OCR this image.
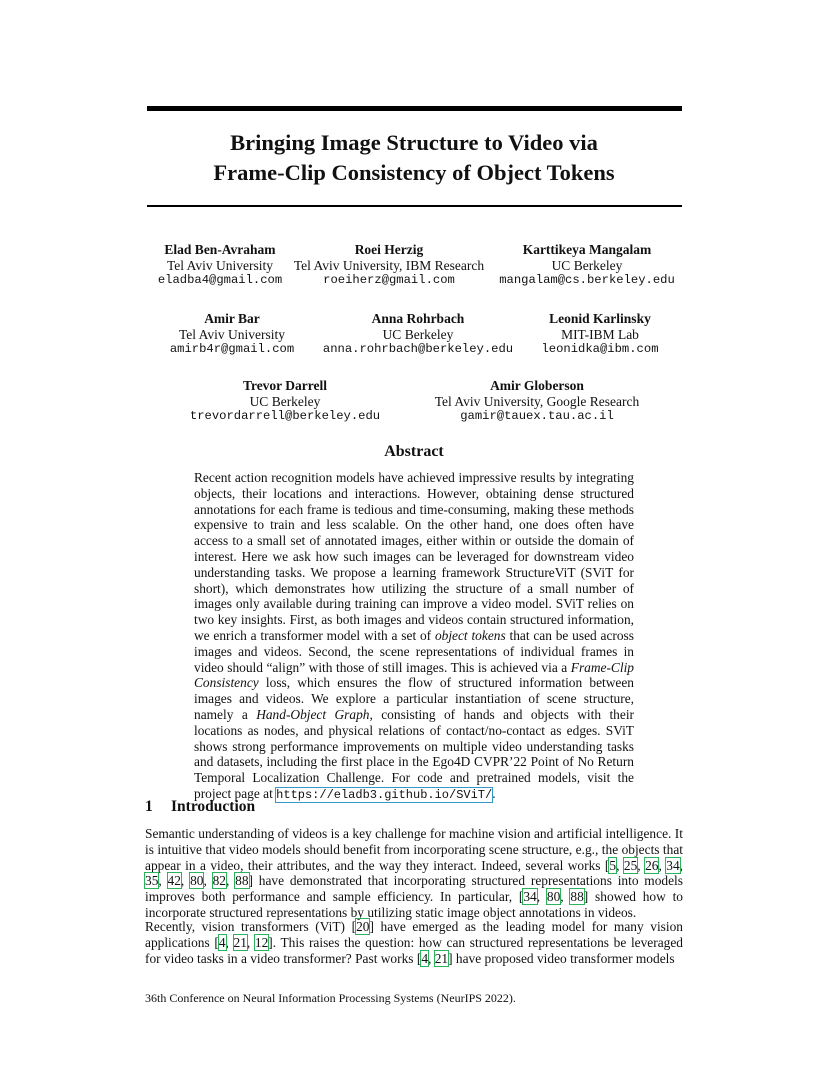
Bringing Image Structure to Video via
Frame-Clip Consistency of Object Tokens
Elad Ben-Avraham
Tel Aviv University
eladba4@gmail.com
Roei Herzig
Tel Aviv University, IBM Research
roeiherz@gmail.com
Karttikeya Mangalam
UC Berkeley
mangalam@cs.berkeley.edu
Amir Bar
Tel Aviv University
amirb4r@gmail.com
Anna Rohrbach
UC Berkeley
anna.rohrbach@berkeley.edu
Leonid Karlinsky
MIT-IBM Lab
leonidka@ibm.com
Trevor Darrell
UC Berkeley
trevordarrell@berkeley.edu
Amir Globerson
Tel Aviv University, Google Research
gamir@tauex.tau.ac.il
Abstract
Recent action recognition models have achieved impressive results by integrating objects, their locations and interactions. However, obtaining dense structured annotations for each frame is tedious and time-consuming, making these methods expensive to train and less scalable. On the other hand, one does often have access to a small set of annotated images, either within or outside the domain of interest. Here we ask how such images can be leveraged for downstream video understanding tasks. We propose a learning framework StructureViT (SViT for short), which demonstrates how utilizing the structure of a small number of images only available during training can improve a video model. SViT relies on two key insights. First, as both images and videos contain structured information, we enrich a transformer model with a set of object tokens that can be used across images and videos. Second, the scene representations of individual frames in video should “align” with those of still images. This is achieved via a Frame-Clip Consistency loss, which ensures the flow of structured information between images and videos. We explore a particular instantiation of scene structure, namely a Hand-Object Graph, consisting of hands and objects with their locations as nodes, and physical relations of contact/no-contact as edges. SViT shows strong performance improvements on multiple video understanding tasks and datasets, including the first place in the Ego4D CVPR’22 Point of No Return Temporal Localization Challenge. For code and pretrained models, visit the project page at https://eladb3.github.io/SViT/.
1 Introduction
Semantic understanding of videos is a key challenge for machine vision and artificial intelligence. It is intuitive that video models should benefit from incorporating scene structure, e.g., the objects that appear in a video, their attributes, and the way they interact. Indeed, several works [5, 25, 26, 34, 35, 42, 80, 82, 88] have demonstrated that incorporating structured representations into models improves both performance and sample efficiency. In particular, [34, 80, 88] showed how to incorporate structured representations by utilizing static image object annotations in videos.
Recently, vision transformers (ViT) [20] have emerged as the leading model for many vision applications [4, 21, 12]. This raises the question: how can structured representations be leveraged for video tasks in a video transformer? Past works [4, 21] have proposed video transformer models
36th Conference on Neural Information Processing Systems (NeurIPS 2022).
